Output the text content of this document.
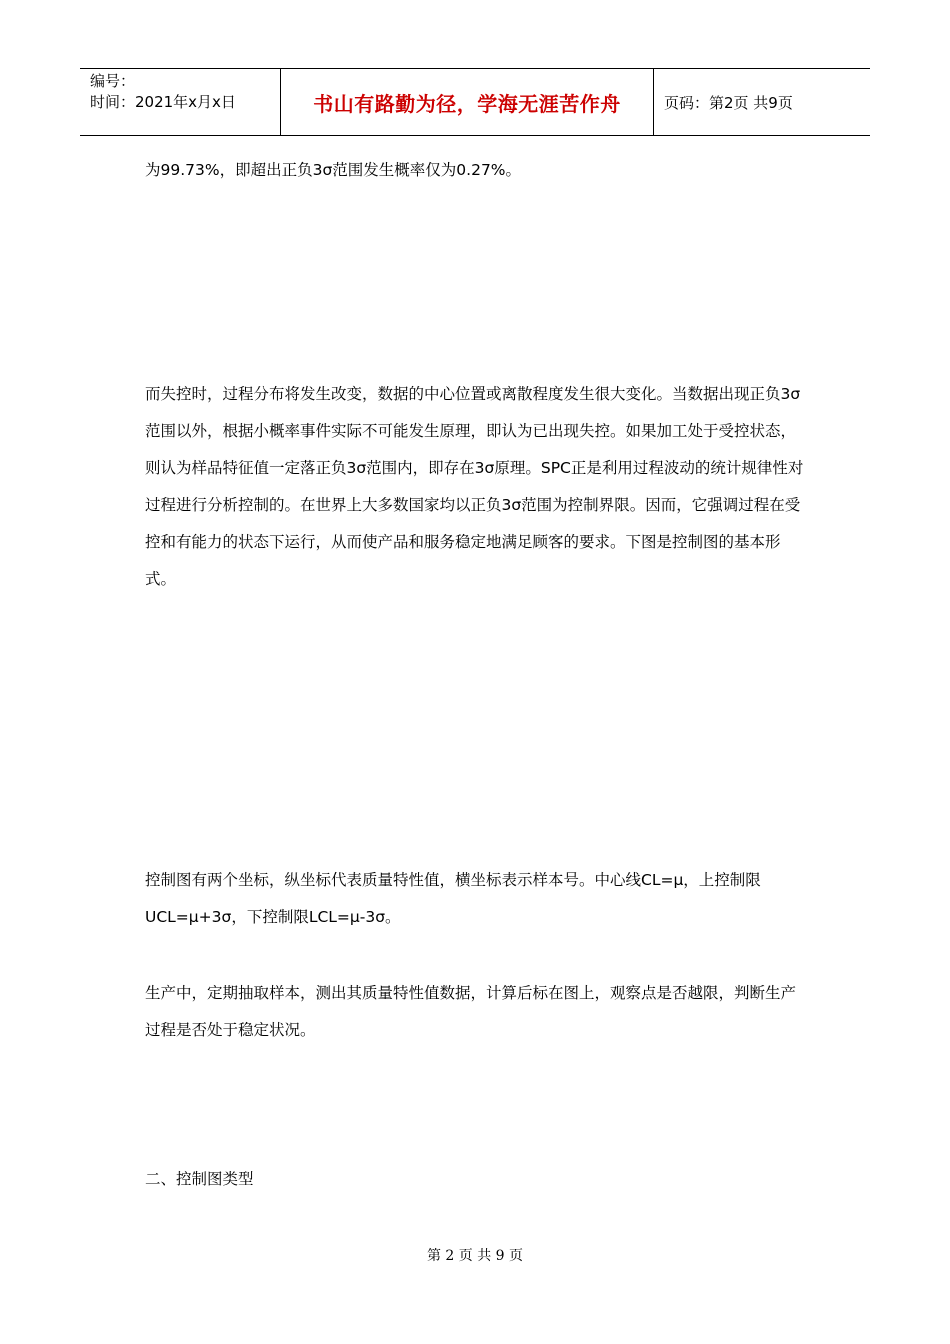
编号：
时间：2021年x月x日	书山有路勤为径，学海无涯苦作舟	页码：第2页 共9页

为99.73%，即超出正负3σ范围发生概率仅为0.27%。

而失控时，过程分布将发生改变，数据的中心位置或离散程度发生很大变化。当数据出现正负3σ范围以外，根据小概率事件实际不可能发生原理，即认为已出现失控。如果加工处于受控状态，则认为样品特征值一定落正负3σ范围内，即存在3σ原理。SPC正是利用过程波动的统计规律性对过程进行分析控制的。在世界上大多数国家均以正负3σ范围为控制界限。因而，它强调过程在受控和有能力的状态下运行，从而使产品和服务稳定地满足顾客的要求。下图是控制图的基本形式。

控制图有两个坐标，纵坐标代表质量特性值，横坐标表示样本号。中心线CL=μ，上控制限UCL=μ+3σ，下控制限LCL=μ-3σ。

生产中，定期抽取样本，测出其质量特性值数据，计算后标在图上，观察点是否越限，判断生产过程是否处于稳定状况。

二、控制图类型

第 2 页 共 9 页
